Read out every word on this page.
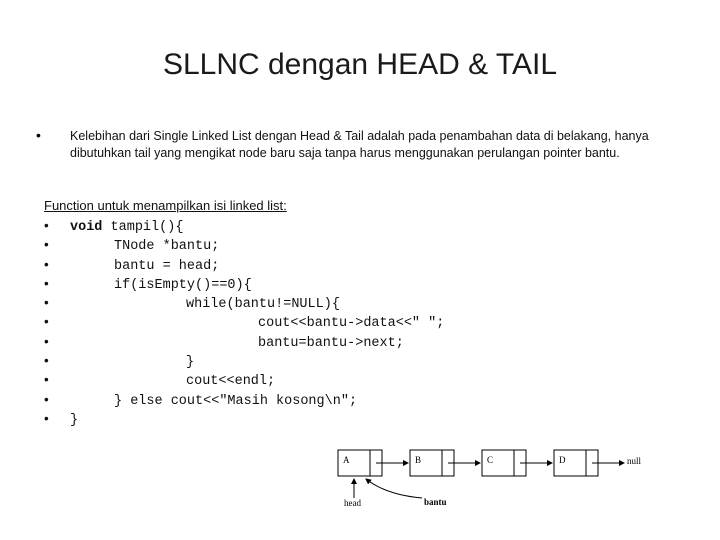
SLLNC dengan HEAD & TAIL
• Kelebihan dari Single Linked List dengan Head & Tail adalah pada penambahan data di belakang, hanya dibutuhkan tail yang mengikat node baru saja tanpa harus menggunakan perulangan pointer bantu.
Function untuk menampilkan isi linked list:
• void tampil(){
•	TNode *bantu;
•	bantu = head;
•	if(isEmpty()==0){
•	while(bantu!=NULL){
•	cout<<bantu->data<<" ";
•	bantu=bantu->next;
•	}
•	cout<<endl;
•	} else cout<<"Masih kosong\n";
• }
A	B	C	D	null
head	bantu
